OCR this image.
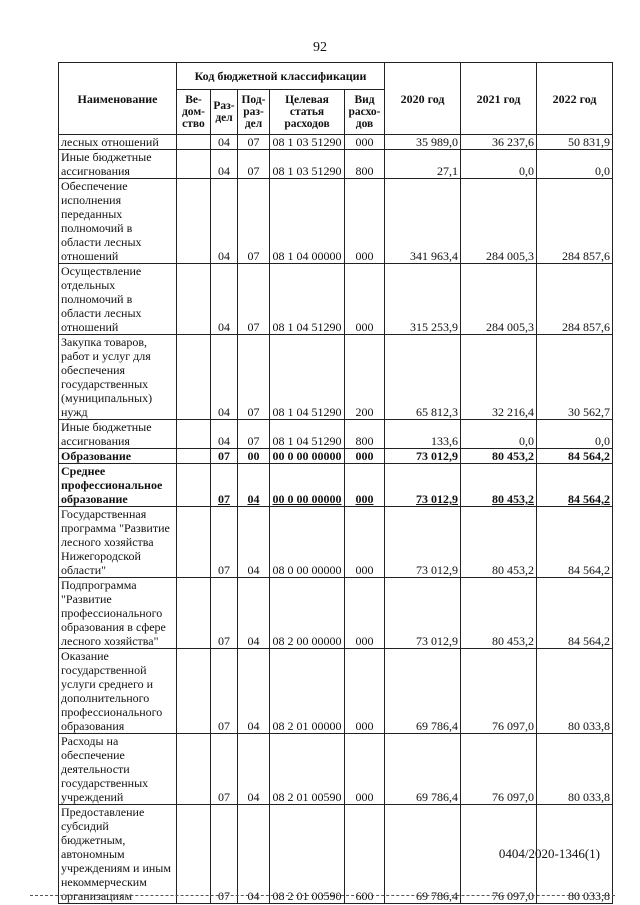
92
Наименование	Код бюджетной классификации					2020 год	2021 год	2022 год
	Ве-дом-ство	Раз-дел	Под-раз-дел	Целевая статья расходов	Вид расхо-дов			
лесных отношений		04	07	08 1 03 51290	000	35 989,0	36 237,6	50 831,9
Иные бюджетные ассигнования		04	07	08 1 03 51290	800	27,1	0,0	0,0
Обеспечение исполнения переданных полномочий в области лесных отношений		04	07	08 1 04 00000	000	341 963,4	284 005,3	284 857,6
Осуществление отдельных полномочий в области лесных отношений		04	07	08 1 04 51290	000	315 253,9	284 005,3	284 857,6
Закупка товаров, работ и услуг для обеспечения государственных (муниципальных) нужд		04	07	08 1 04 51290	200	65 812,3	32 216,4	30 562,7
Иные бюджетные ассигнования		04	07	08 1 04 51290	800	133,6	0,0	0,0
Образование		07	00	00 0 00 00000	000	73 012,9	80 453,2	84 564,2
Среднее профессиональное образование		07	04	00 0 00 00000	000	73 012,9	80 453,2	84 564,2
Государственная программа "Развитие лесного хозяйства Нижегородской области"		07	04	08 0 00 00000	000	73 012,9	80 453,2	84 564,2
Подпрограмма "Развитие профессионального образования в сфере лесного хозяйства"		07	04	08 2 00 00000	000	73 012,9	80 453,2	84 564,2
Оказание государственной услуги среднего и дополнительного профессионального образования		07	04	08 2 01 00000	000	69 786,4	76 097,0	80 033,8
Расходы на обеспечение деятельности государственных учреждений		07	04	08 2 01 00590	000	69 786,4	76 097,0	80 033,8
Предоставление субсидий бюджетным, автономным учреждениям и иным некоммерческим организациям		07	04	08 2 01 00590	600	69 786,4	76 097,0	80 033,8
0404/2020-1346(1)
